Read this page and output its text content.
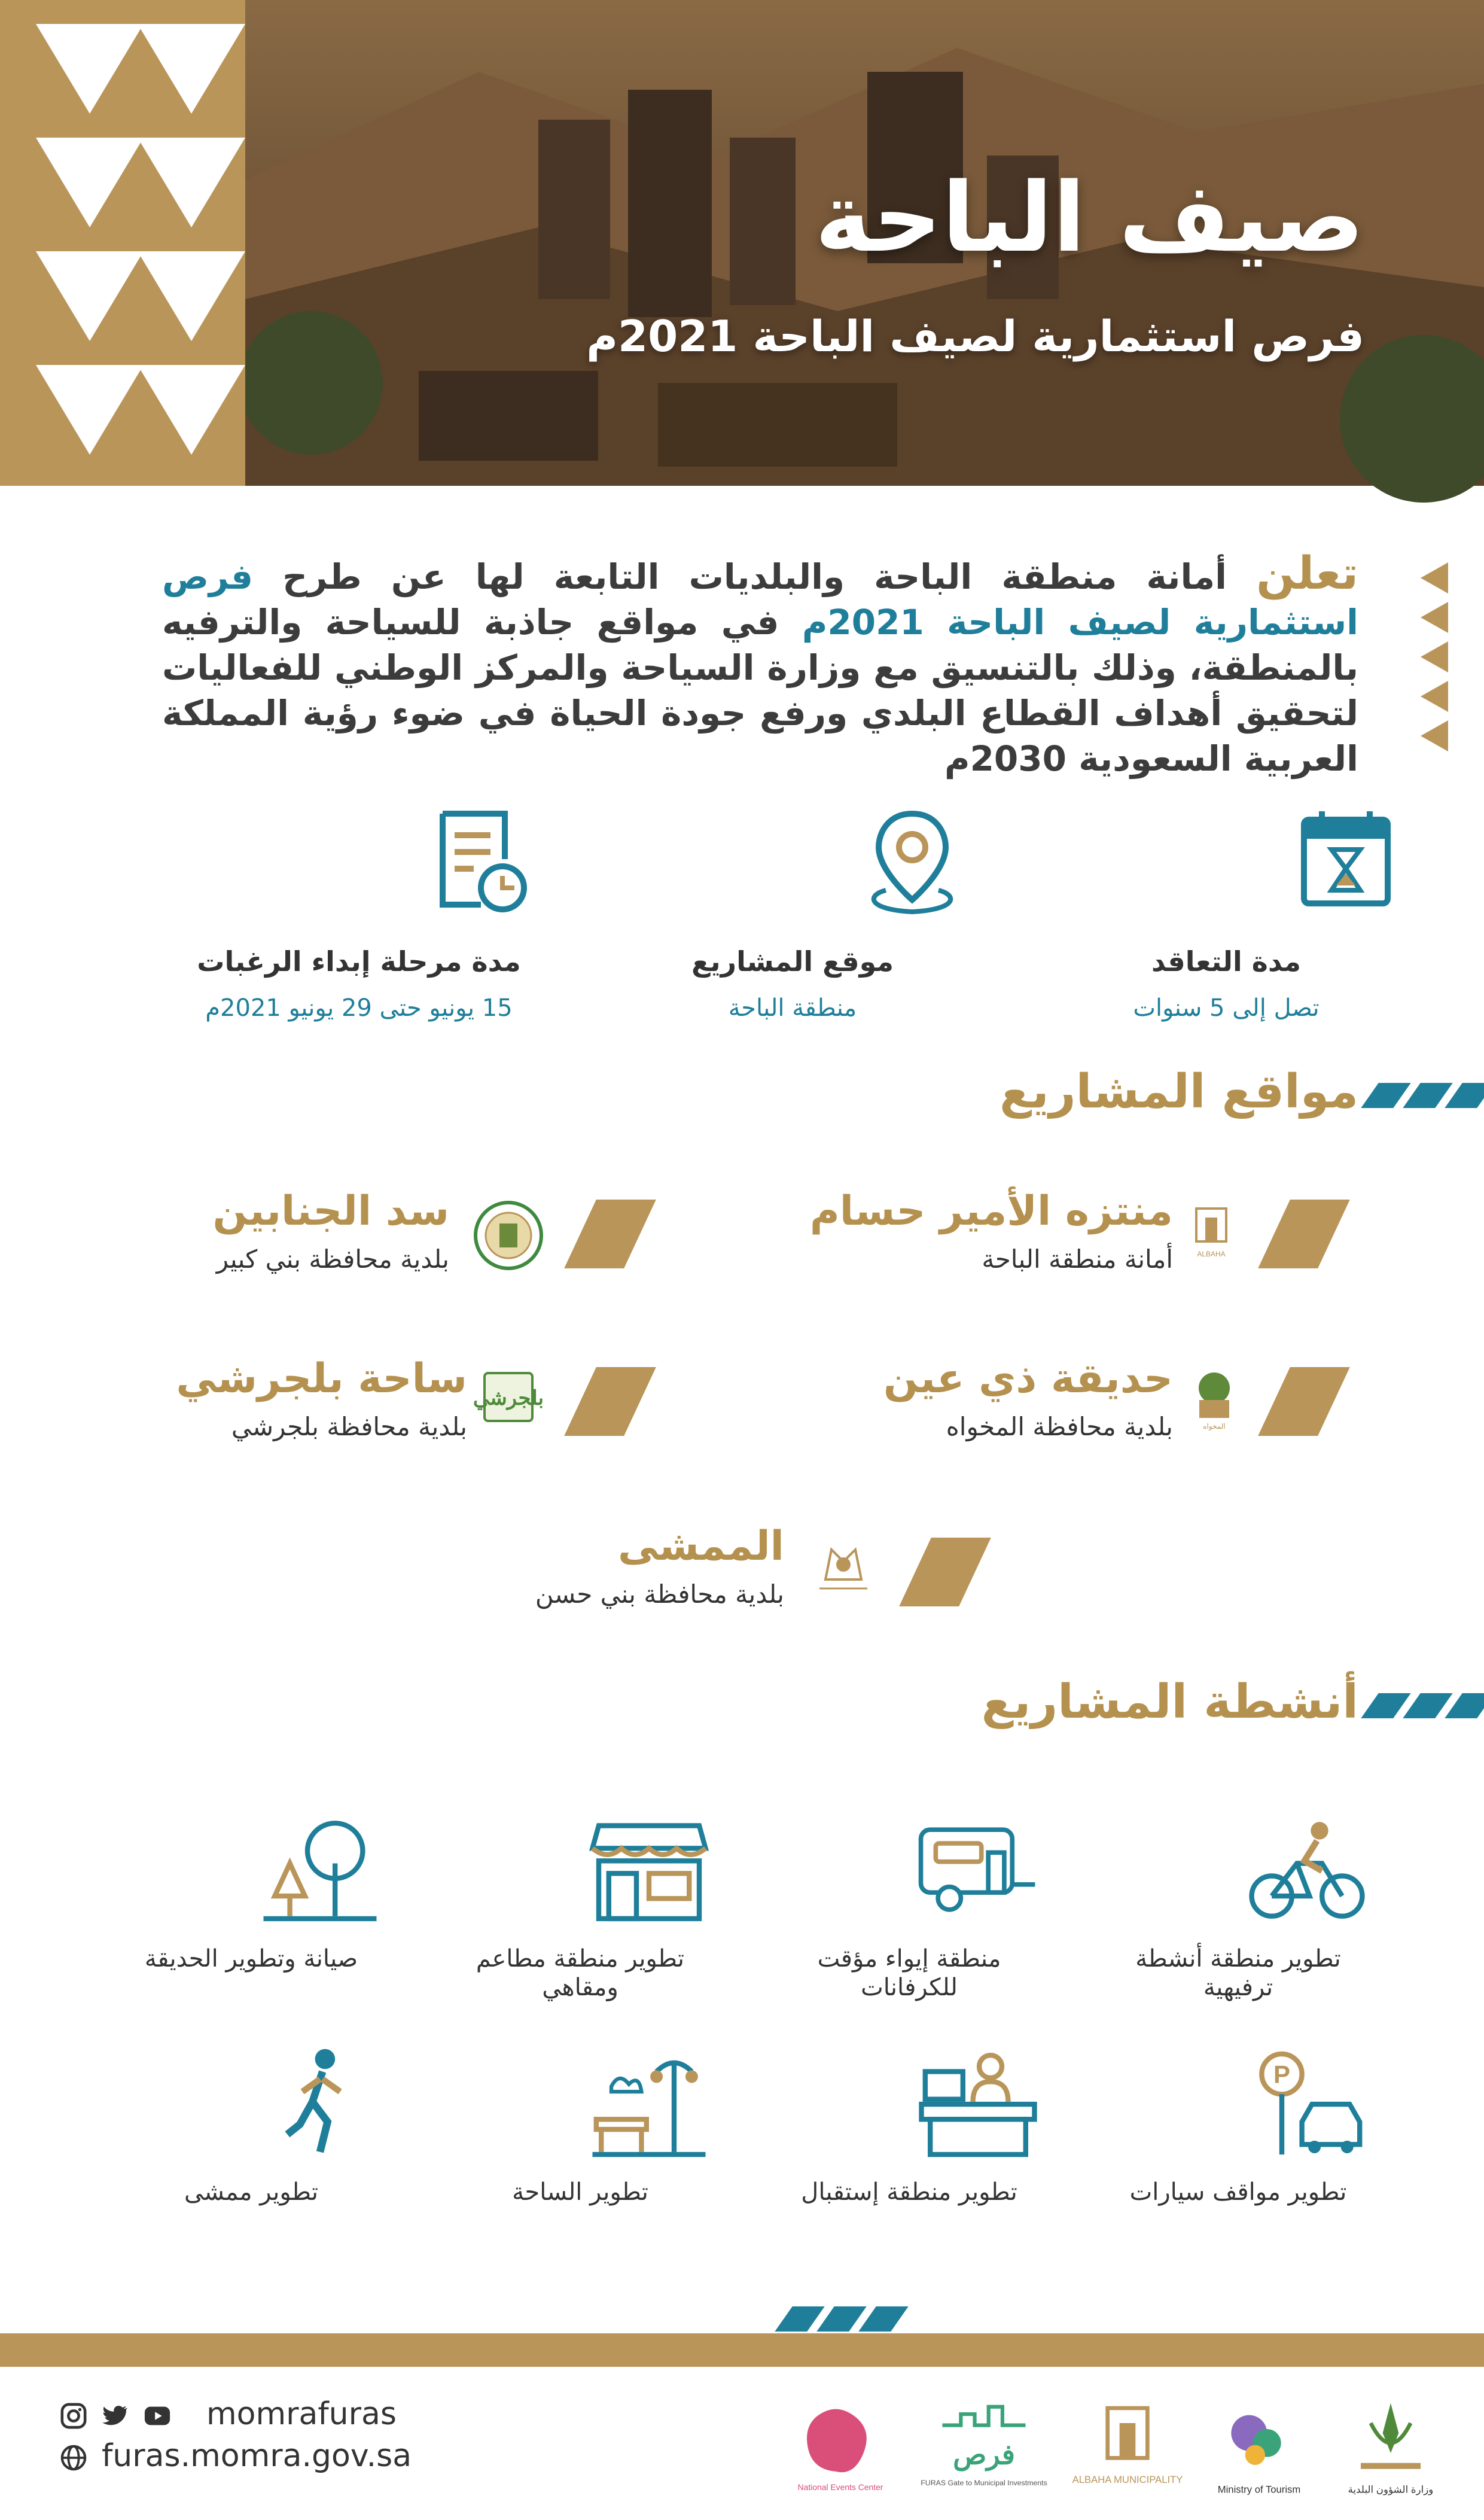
صيف الباحة
فرص استثمارية لصيف الباحة 2021م
تعلن أمانة منطقة الباحة والبلديات التابعة لها عن طرح فرص استثمارية لصيف الباحة 2021م في مواقع جاذبة للسياحة والترفيه بالمنطقة، وذلك بالتنسيق مع وزارة السياحة والمركز الوطني للفعاليات لتحقيق أهداف القطاع البلدي ورفع جودة الحياة في ضوء رؤية المملكة العربية السعودية 2030م
مدة التعاقد
تصل إلى 5 سنوات
موقع المشاريع
منطقة الباحة
مدة مرحلة إبداء الرغبات
15 يونيو حتى 29 يونيو 2021م
مواقع المشاريع
ALBAHA
منتزه الأمير حسام
أمانة منطقة الباحة
سد الجنابين
بلدية محافظة بني كبير
المخواه
حديقة ذي عين
بلدية محافظة المخواه
بلجرشي
ساحة بلجرشي
بلدية محافظة بلجرشي
الممشى
بلدية محافظة بني حسن
أنشطة المشاريع
تطوير منطقة أنشطة ترفيهية
منطقة إيواء مؤقت للكرفانات
تطوير منطقة مطاعم ومقاهي
صيانة وتطوير الحديقة
P
تطوير مواقف سيارات
تطوير منطقة إستقبال
تطوير الساحة
تطوير ممشى
momrafuras
furas.momra.gov.sa
وزارة الشؤون البلدية
Ministry of Tourism
ALBAHA MUNICIPALITY
فرص
FURAS Gate to Municipal Investments
National Events Center
